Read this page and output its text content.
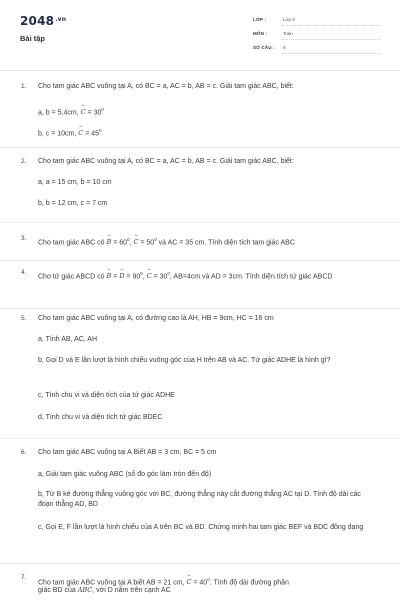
$2048^{.vn}$
Bài tập
LỚP :	Lớp 9
MÔN :	Toán
SỐ CÂU : 9
1. Cho tam giác ABC vuông tại A, có BC = a, AC = b, AB = c. Giải tam giác ABC, biết:
a, b = 5,4cm, ^ $C = 30^0$
b, c = 10cm, ^ $C = 45^0$
2. Cho tam giác ABC vuông tại A, có BC = a, AC = b, AB = c. Giải tam giác ABC, biết:
a, a = 15 cm, b = 10 cm
b, b = 12 cm, c = 7 cm
3.
Cho tam giác ABC có ^ $B = 60^0$, ^ $C = 50^0$ và AC = 35 cm. Tính diện tích tam giác ABC
4.
Cho tứ giác ABCD có ^ B = ^ $D = 90^0$, ^ $C = 30^0$, AB=4cm và AD = 3cm. Tính diện tích tứ giác ABCD
5. Cho tam giác ABC vuông tại A, có đường cao là AH, HB = 9cm, HC = 16 cm
a, Tính AB, AC, AH
b, Gọi D và E lần lượt là hình chiếu vuông góc của H trên AB và AC. Tứ giác ADHE là hình gì?
c, Tính chu vi và diện tích của tứ giác ADHE
d, Tính chu vi và diện tích tứ giác BDEC
6. Cho tam giác ABC vuông tại A Biết AB = 3 cm, BC = 5 cm
a, Giải tam giác vuông ABC (số đo góc làm tròn đến độ)
b, Từ B kẻ đường thẳng vuông góc với BC, đường thẳng này cắt đường thẳng AC tại D. Tính độ dài các đoạn thẳng AD, BD
c, Gọi E, F lần lượt là hình chiếu của A trên BC và BD. Chứng minh hai tam giác BEF và BDC đồng dạng
7.
Cho tam giác ABC vuông tại A biết AB = 21 cm, ^ $C = 40^0$. Tính độ dài đường phân
giác BD của ABC, với D nằm trên cạnh AC
